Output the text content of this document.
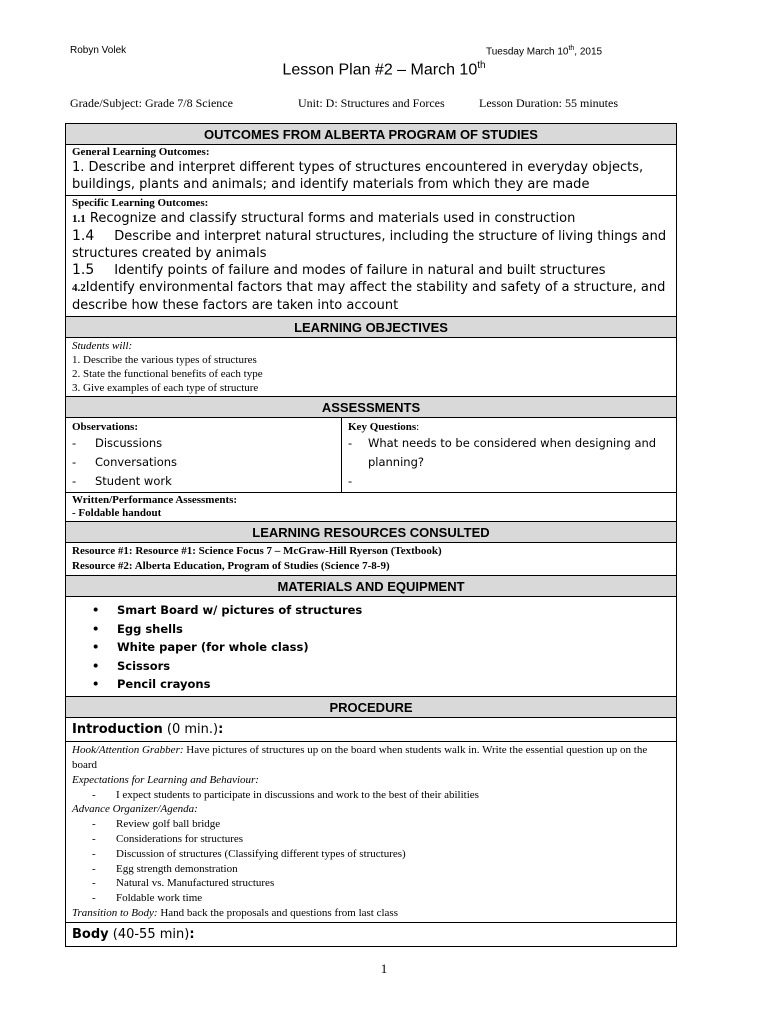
Robyn Volek	Tuesday March 10th, 2015
Lesson Plan #2 – March 10th
Grade/Subject: Grade 7/8 Science	Unit: D: Structures and Forces	Lesson Duration: 55 minutes
OUTCOMES FROM ALBERTA PROGRAM OF STUDIES
General Learning Outcomes:
1. Describe and interpret different types of structures encountered in everyday objects, buildings, plants and animals; and identify materials from which they are made
Specific Learning Outcomes:
1.1 Recognize and classify structural forms and materials used in construction
1.4 Describe and interpret natural structures, including the structure of living things and structures created by animals
1.5 Identify points of failure and modes of failure in natural and built structures
4.2Identify environmental factors that may affect the stability and safety of a structure, and describe how these factors are taken into account
LEARNING OBJECTIVES
Students will:
1. Describe the various types of structures
2. State the functional benefits of each type
3. Give examples of each type of structure
ASSESSMENTS
Observations:
-	Discussions
-	Conversations
-	Student work
Key Questions:
-	What needs to be considered when designing and planning?
-
Written/Performance Assessments:
- Foldable handout
LEARNING RESOURCES CONSULTED
Resource #1: Resource #1: Science Focus 7 – McGraw-Hill Ryerson (Textbook)
Resource #2: Alberta Education, Program of Studies (Science 7-8-9)
MATERIALS AND EQUIPMENT
•	Smart Board w/ pictures of structures
•	Egg shells
•	White paper (for whole class)
•	Scissors
•	Pencil crayons
PROCEDURE
Introduction (0 min.):
Hook/Attention Grabber: Have pictures of structures up on the board when students walk in. Write the essential question up on the board
Expectations for Learning and Behaviour:
-	I expect students to participate in discussions and work to the best of their abilities
Advance Organizer/Agenda:
-	Review golf ball bridge
-	Considerations for structures
-	Discussion of structures (Classifying different types of structures)
-	Egg strength demonstration
-	Natural vs. Manufactured structures
-	Foldable work time
Transition to Body: Hand back the proposals and questions from last class
Body (40-55 min):
1
